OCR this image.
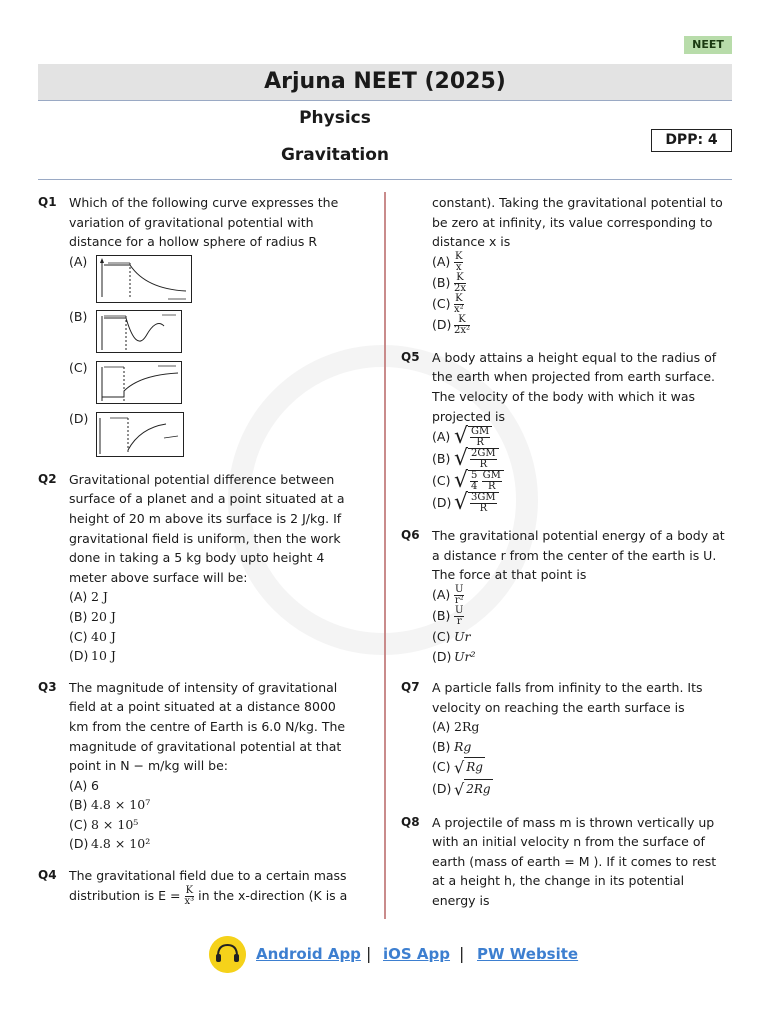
NEET
Arjuna NEET (2025)
Physics
Gravitation
DPP: 4
Q1 Which of the following curve expresses the variation of gravitational potential with distance for a hollow sphere of radius R
(A)
(B)
(C)
(D)
Q2 Gravitational potential difference between surface of a planet and a point situated at a height of 20 m above its surface is 2 J/kg. If gravitational field is uniform, then the work done in taking a 5 kg body upto height 4 meter above surface will be:
(A) 2 J
(B) 20 J
(C) 40 J
(D) 10 J
Q3 The magnitude of intensity of gravitational field at a point situated at a distance 8000 km from the centre of Earth is 6.0 N/kg. The magnitude of gravitational potential at that point in N − m/kg will be:
(A) 6
(B) 4.8 × 10⁷
(C) 8 × 10⁵
(D) 4.8 × 10²
Q4 The gravitational field due to a certain mass distribution is $E = \frac{K}{\text{x³}}$ in the x-direction (K is a
constant). Taking the gravitational potential to be zero at infinity, its value corresponding to distance x is
$(A) \frac{K}{x}$
$(B) \frac{K}{2x}$
$(C) \frac{K}{\text{x²}}$
$(D) \frac{K}{\text{2x²}}$
Q5 A body attains a height equal to the radius of the earth when projected from earth surface. The velocity of the body with which it was projected is
(A) √ $\frac{GM}{R}$
(B) √ $\frac{2GM}{R}$
(C) √ $\frac{5}{4}$
$\frac{GM}{R}$
(D) √ $\frac{3GM}{R}$
Q6 The gravitational potential energy of a body at a distance r from the center of the earth is U. The force at that point is
$(A) \frac{U}{\text{r²}}$
$(B) \frac{U}{r}$
(C) Ur
(D) Ur²
Q7 A particle falls from infinity to the earth. Its velocity on reaching the earth surface is
(A) 2Rg
(B) Rg
(C) √ Rg
(D) √ 2Rg
Q8 A projectile of mass m is thrown vertically up with an initial velocity n from the surface of earth (mass of earth = M ). If it comes to rest at a height h, the change in its potential energy is
Android App | iOS App | PW Website
